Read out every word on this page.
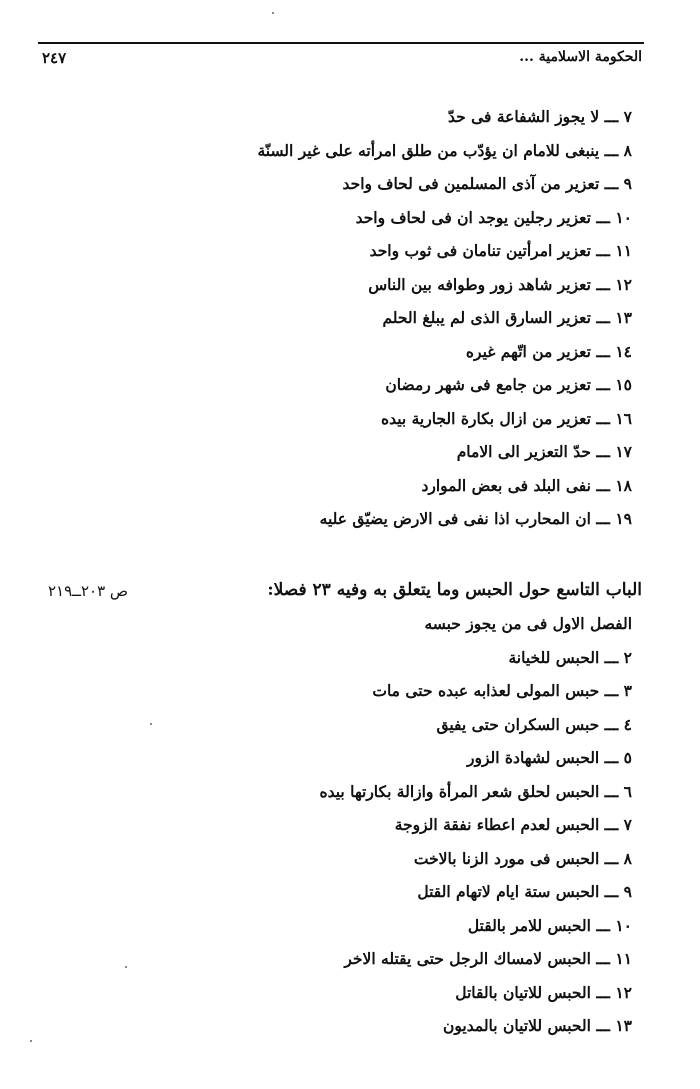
٢٤٧	الحكومة الاسلامية ...
٧ ـــ لا يجوز الشفاعة فى حدّ
٨ ـــ ينبغى للامام ان يؤدّب من طلق امرأته على غير السنّة
٩ ـــ تعزير من آذى المسلمين فى لحاف واحد
١٠ ـــ تعزير رجلين يوجد ان فى لحاف واحد
١١ ـــ تعزير امرأتين تنامان فى ثوب واحد
١٢ ـــ تعزير شاهد زور وطوافه بين الناس
١٣ ـــ تعزير السارق الذى لم يبلغ الحلم
١٤ ـــ تعزير من اتّهم غيره
١٥ ـــ تعزير من جامع فى شهر رمضان
١٦ ـــ تعزير من ازال بكارة الجارية بيده
١٧ ـــ حدّ التعزير الى الامام
١٨ ـــ نفى البلد فى بعض الموارد
١٩ ـــ ان المحارب اذا نفى فى الارض يضيّق عليه
الباب التاسع حول الحبس وما يتعلق به وفيه ٢٣ فصلا:
ص ٢٠٣ــ٢١٩
الفصل الاول فى من يجوز حبسه
٢ ـــ الحبس للخيانة
٣ ـــ حبس المولى لعذابه عبده حتى مات
٤ ـــ حبس السكران حتى يفيق
٥ ـــ الحبس لشهادة الزور
٦ ـــ الحبس لحلق شعر المرأة وازالة بكارتها بيده
٧ ـــ الحبس لعدم اعطاء نفقة الزوجة
٨ ـــ الحبس فى مورد الزنا بالاخت
٩ ـــ الحبس ستة ايام لاتهام القتل
١٠ ـــ الحبس للامر بالقتل
١١ ـــ الحبس لامساك الرجل حتى يقتله الاخر
١٢ ـــ الحبس للاتيان بالقاتل
١٣ ـــ الحبس للاتيان بالمديون
